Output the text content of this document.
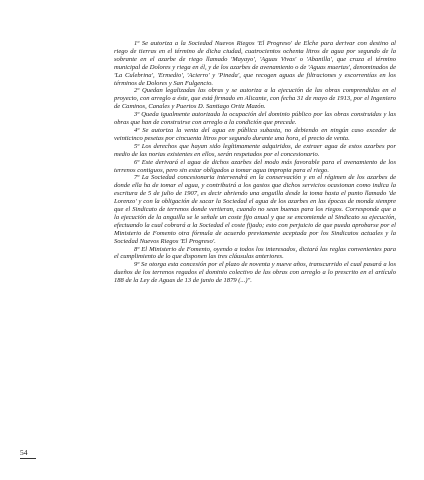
1º Se autoriza a la Sociedad Nuevos Riegos 'El Progreso' de Elche para derivar con destino al riego de tierras en el término de dicha ciudad, cuatrocientos ochenta litros de agua por segundo de la sobrante en el azarbe de riego llamado 'Mayayo', 'Aguas Vivas' o 'Abanilla', que cruza el término municipal de Dolores y riega en él, y de los azarbes de avenamiento o de 'Aguas muertas', denominados de 'La Culebrina', 'Ermedio', 'Acierro' y 'Pineda', que recogen aguas de filtraciones y escorrentías en los términos de Dolores y San Fulgencio.

2º Quedan legalizadas las obras y se autoriza a la ejecución de las obras comprendidas en el proyecto, con arreglo a éste, que está firmado en Alicante, con fecha 31 de mayo de 1913, por el Ingeniero de Caminos, Canales y Puertos D. Santiago Ortiz Mazón.

3º Queda igualmente autorizada la ocupación del dominio público por las obras construidas y las obras que han de construirse con arreglo a la condición que precede.

4º Se autoriza la venta del agua en pública subasta, no debiendo en ningún caso exceder de veinticinco pesetas por cincuenta litros por segundo durante una hora, el precio de venta.

5º Los derechos que hayan sido legítimamente adquiridos, de extraer agua de estos azarbes por medio de las norias existentes en ellos, serán respetados por el concesionario.

6º Este derivará el agua de dichos azarbes del modo más favorable para el avenamiento de los terrenos contiguos, pero sin estar obligados a tomar agua impropia para el riego.

7º La Sociedad concesionaria intervendrá en la conservación y en el régimen de los azarbes de donde ella ha de tomar el agua, y contribuirá a los gastos que dichos servicios ocasionan como indica la escritura de 5 de julio de 1907, es decir abriendo una anguilla desde la toma hasta el punto llamado 'de Lorenzo' y con la obligación de sacar la Sociedad el agua de los azarbes en las épocas de monda siempre que el Sindicato de terrenos donde vertieran, cuando no sean buenas para los riegos. Corresponde que a la ejecución de la anguilla se le señale un coste fijo anual y que se encomiende al Sindicato su ejecución, efectuando la cual cobrará a la Sociedad el coste fijado; esto con perjuicio de que pueda aprobarse por el Ministerio de Fomento otra fórmula de acuerdo previamente aceptada por los Sindicatos actuales y la Sociedad Nuevos Riegos 'El Progreso'.

8º El Ministerio de Fomento, oyendo a todos los interesados, dictará las reglas convenientes para el cumplimiento de lo que disponen las tres cláusulas anteriores.

9º Se otorga esta concesión por el plazo de noventa y nueve años, transcurrido el cual pasará a los dueños de los terrenos regados el dominio colectivo de las obras con arreglo a lo prescrito en el artículo 188 de la Ley de Aguas de 13 de junio de 1879 (...)".

54
